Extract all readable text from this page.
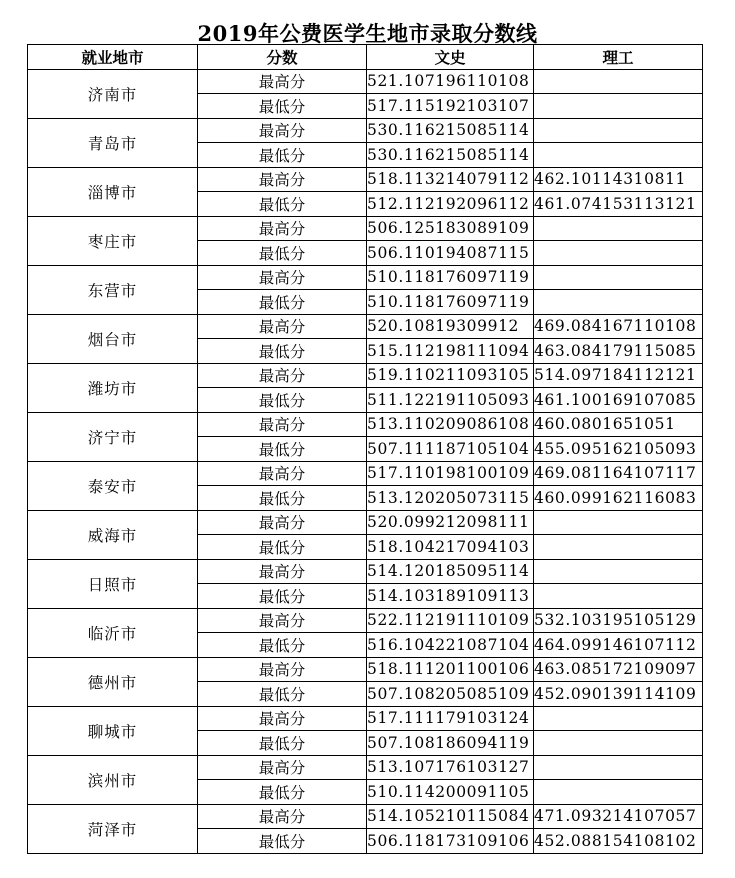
2019年公费医学生地市录取分数线
就业地市	分数	文史	理工
济南市	最高分	521.107196110108	
	最低分	517.115192103107	
青岛市	最高分	530.116215085114	
	最低分	530.116215085114	
淄博市	最高分	518.113214079112	462.10114310811
	最低分	512.112192096112	461.074153113121
枣庄市	最高分	506.125183089109	
	最低分	506.110194087115	
东营市	最高分	510.118176097119	
	最低分	510.118176097119	
烟台市	最高分	520.10819309912	469.084167110108
	最低分	515.112198111094	463.084179115085
潍坊市	最高分	519.110211093105	514.097184112121
	最低分	511.122191105093	461.100169107085
济宁市	最高分	513.110209086108	460.0801651051
	最低分	507.111187105104	455.095162105093
泰安市	最高分	517.110198100109	469.081164107117
	最低分	513.120205073115	460.099162116083
威海市	最高分	520.099212098111	
	最低分	518.104217094103	
日照市	最高分	514.120185095114	
	最低分	514.103189109113	
临沂市	最高分	522.112191110109	532.103195105129
	最低分	516.104221087104	464.099146107112
德州市	最高分	518.111201100106	463.085172109097
	最低分	507.108205085109	452.090139114109
聊城市	最高分	517.111179103124	
	最低分	507.108186094119	
滨州市	最高分	513.107176103127	
	最低分	510.114200091105	
菏泽市	最高分	514.105210115084	471.093214107057
	最低分	506.118173109106	452.088154108102
